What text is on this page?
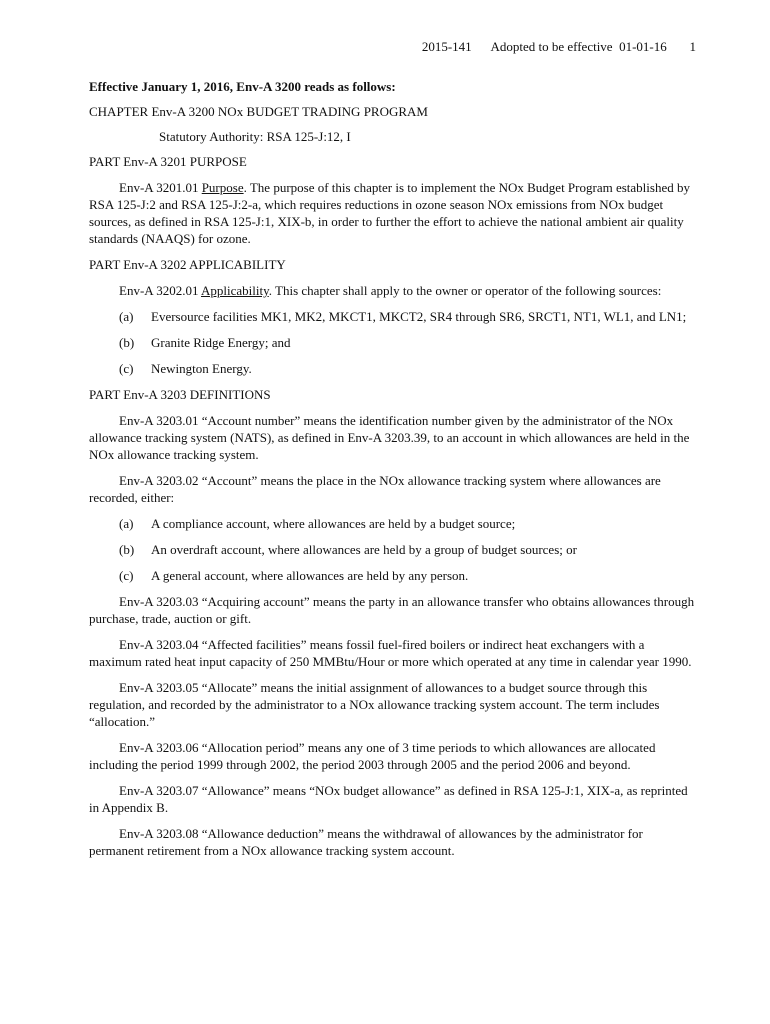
2015-141 Adopted to be effective  01-01-16 1

Effective January 1, 2016, Env-A 3200 reads as follows:

CHAPTER Env-A 3200 NOx BUDGET TRADING PROGRAM

Statutory Authority: RSA 125-J:12, I

PART Env-A 3201 PURPOSE

Env-A 3201.01 Purpose. The purpose of this chapter is to implement the NOx Budget Program established by RSA 125-J:2 and RSA 125-J:2-a, which requires reductions in ozone season NOx emissions from NOx budget sources, as defined in RSA 125-J:1, XIX-b, in order to further the effort to achieve the national ambient air quality standards (NAAQS) for ozone.

PART Env-A 3202 APPLICABILITY

Env-A 3202.01 Applicability. This chapter shall apply to the owner or operator of the following sources:

(a) Eversource facilities MK1, MK2, MKCT1, MKCT2, SR4 through SR6, SRCT1, NT1, WL1, and LN1;

(b) Granite Ridge Energy; and

(c) Newington Energy.

PART Env-A 3203 DEFINITIONS

Env-A 3203.01 “Account number” means the identification number given by the administrator of the NOx allowance tracking system (NATS), as defined in Env-A 3203.39, to an account in which allowances are held in the NOx allowance tracking system.

Env-A 3203.02 “Account” means the place in the NOx allowance tracking system where allowances are recorded, either:

(a) A compliance account, where allowances are held by a budget source;

(b) An overdraft account, where allowances are held by a group of budget sources; or

(c) A general account, where allowances are held by any person.

Env-A 3203.03 “Acquiring account” means the party in an allowance transfer who obtains allowances through purchase, trade, auction or gift.

Env-A 3203.04 “Affected facilities” means fossil fuel-fired boilers or indirect heat exchangers with a maximum rated heat input capacity of 250 MMBtu/Hour or more which operated at any time in calendar year 1990.

Env-A 3203.05 “Allocate” means the initial assignment of allowances to a budget source through this regulation, and recorded by the administrator to a NOx allowance tracking system account. The term includes “allocation.”

Env-A 3203.06 “Allocation period” means any one of 3 time periods to which allowances are allocated including the period 1999 through 2002, the period 2003 through 2005 and the period 2006 and beyond.

Env-A 3203.07 “Allowance” means “NOx budget allowance” as defined in RSA 125-J:1, XIX-a, as reprinted in Appendix B.

Env-A 3203.08 “Allowance deduction” means the withdrawal of allowances by the administrator for permanent retirement from a NOx allowance tracking system account.
